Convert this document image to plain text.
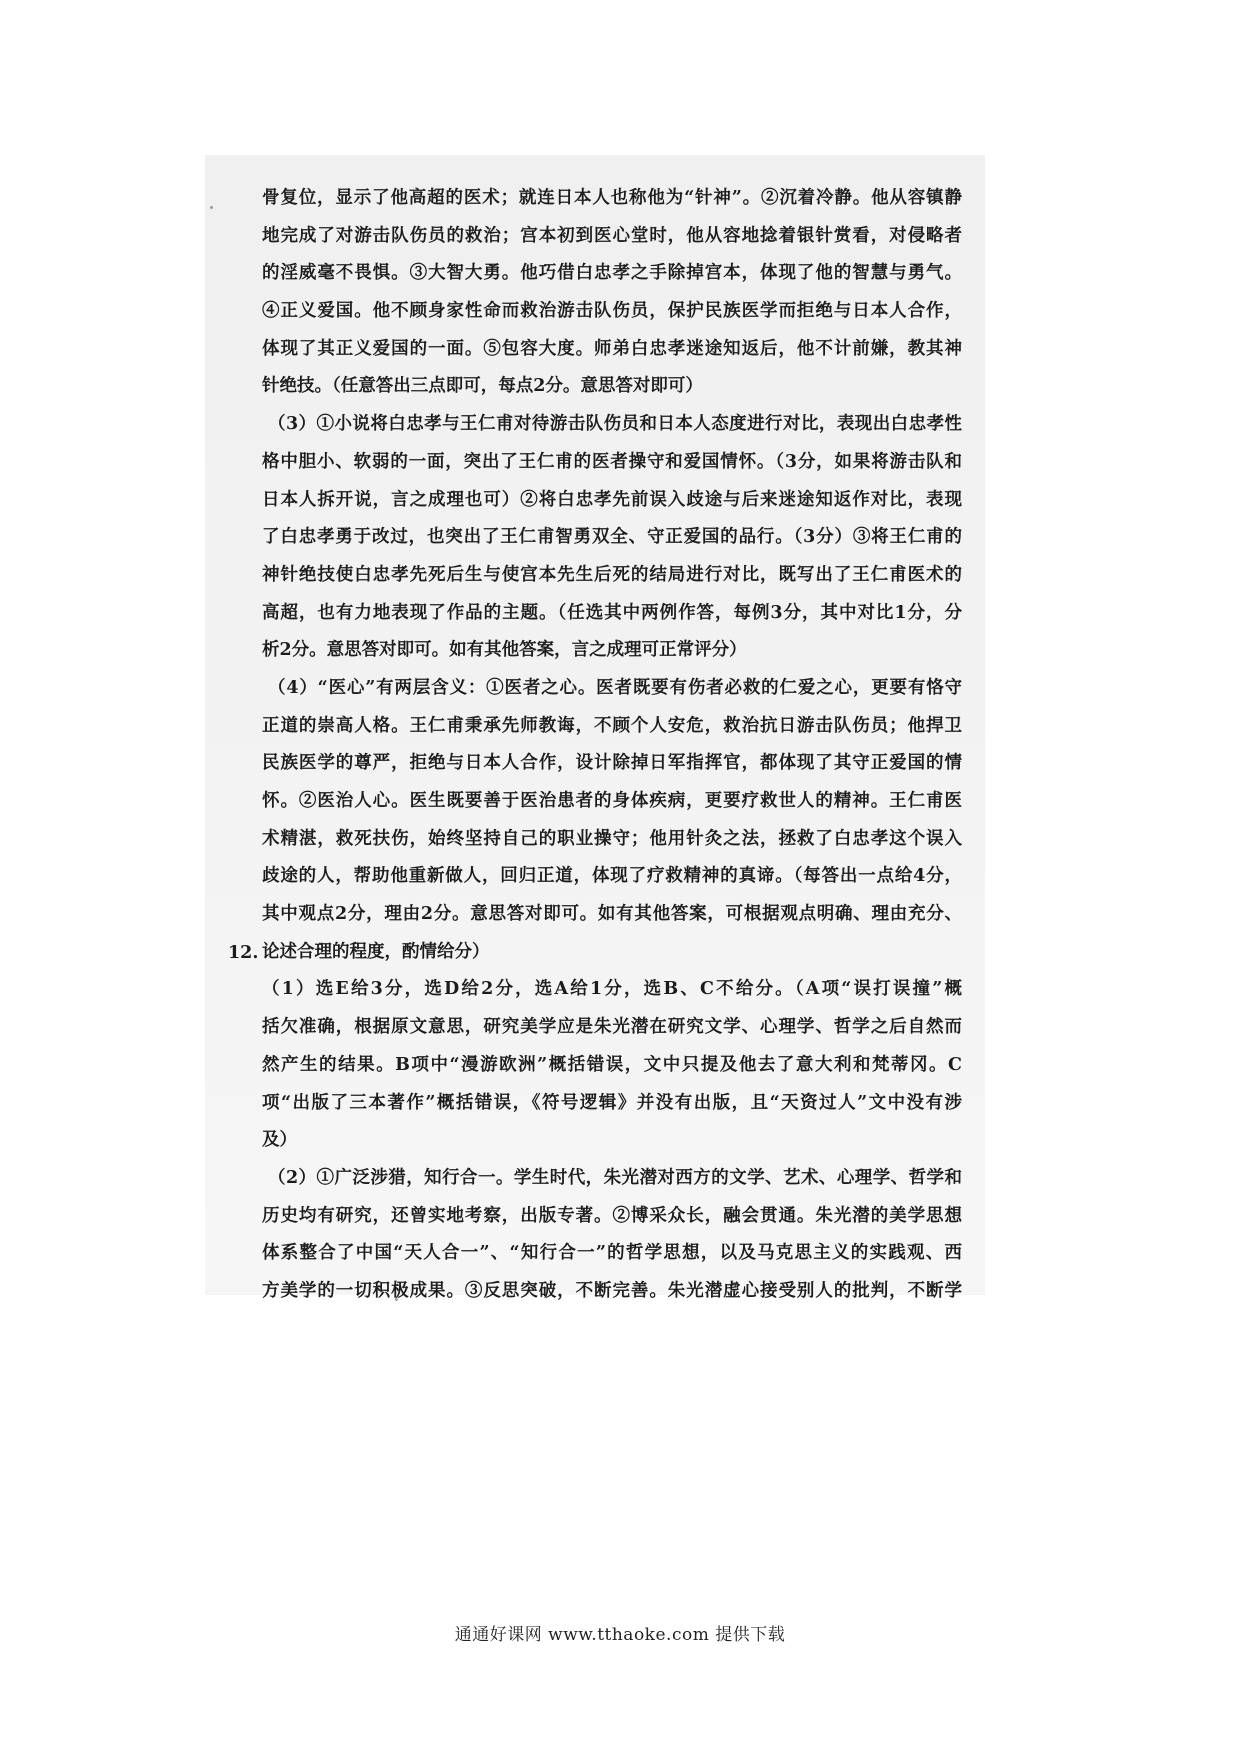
骨复位，显示了他高超的医术；就连日本人也称他为“针神”。②沉着冷静。他从容镇静
地完成了对游击队伤员的救治；宫本初到医心堂时，他从容地捻着银针赏看，对侵略者
的淫威毫不畏惧。③大智大勇。他巧借白忠孝之手除掉宫本，体现了他的智慧与勇气。
④正义爱国。他不顾身家性命而救治游击队伤员，保护民族医学而拒绝与日本人合作，
体现了其正义爱国的一面。⑤包容大度。师弟白忠孝迷途知返后，他不计前嫌，教其神
针绝技。（任意答出三点即可，每点2分。意思答对即可）
（3）①小说将白忠孝与王仁甫对待游击队伤员和日本人态度进行对比，表现出白忠孝性
格中胆小、软弱的一面，突出了王仁甫的医者操守和爱国情怀。（3分，如果将游击队和
日本人拆开说，言之成理也可）②将白忠孝先前误入歧途与后来迷途知返作对比，表现
了白忠孝勇于改过，也突出了王仁甫智勇双全、守正爱国的品行。（3分）③将王仁甫的
神针绝技使白忠孝先死后生与使宫本先生后死的结局进行对比，既写出了王仁甫医术的
高超，也有力地表现了作品的主题。（任选其中两例作答，每例3分，其中对比1分，分
析2分。意思答对即可。如有其他答案，言之成理可正常评分）
（4）“医心”有两层含义：①医者之心。医者既要有伤者必救的仁爱之心，更要有恪守
正道的崇高人格。王仁甫秉承先师教诲，不顾个人安危，救治抗日游击队伤员；他捍卫
民族医学的尊严，拒绝与日本人合作，设计除掉日军指挥官，都体现了其守正爱国的情
怀。②医治人心。医生既要善于医治患者的身体疾病，更要疗救世人的精神。王仁甫医
术精湛，救死扶伤，始终坚持自己的职业操守；他用针灸之法，拯救了白忠孝这个误入
歧途的人，帮助他重新做人，回归正道，体现了疗救精神的真谛。（每答出一点给4分，
其中观点2分，理由2分。意思答对即可。如有其他答案，可根据观点明确、理由充分、
论述合理的程度，酌情给分）
（1）选E给3分，选D给2分，选A给1分，选B、C不给分。（A项“误打误撞”概
括欠准确，根据原文意思，研究美学应是朱光潜在研究文学、心理学、哲学之后自然而
然产生的结果。B项中“漫游欧洲”概括错误，文中只提及他去了意大利和梵蒂冈。C
项“出版了三本著作”概括错误，《符号逻辑》并没有出版，且“天资过人”文中没有涉
及）
（2）①广泛涉猎，知行合一。学生时代，朱光潜对西方的文学、艺术、心理学、哲学和
历史均有研究，还曾实地考察，出版专著。②博采众长，融会贯通。朱光潜的美学思想
体系整合了中国“天人合一”、“知行合一”的哲学思想，以及马克思主义的实践观、西
方美学的一切积极成果。③反思突破，不断完善。朱光潜虚心接受别人的批判，不断学
12.
通通好课网 www.tthaoke.com 提供下载
